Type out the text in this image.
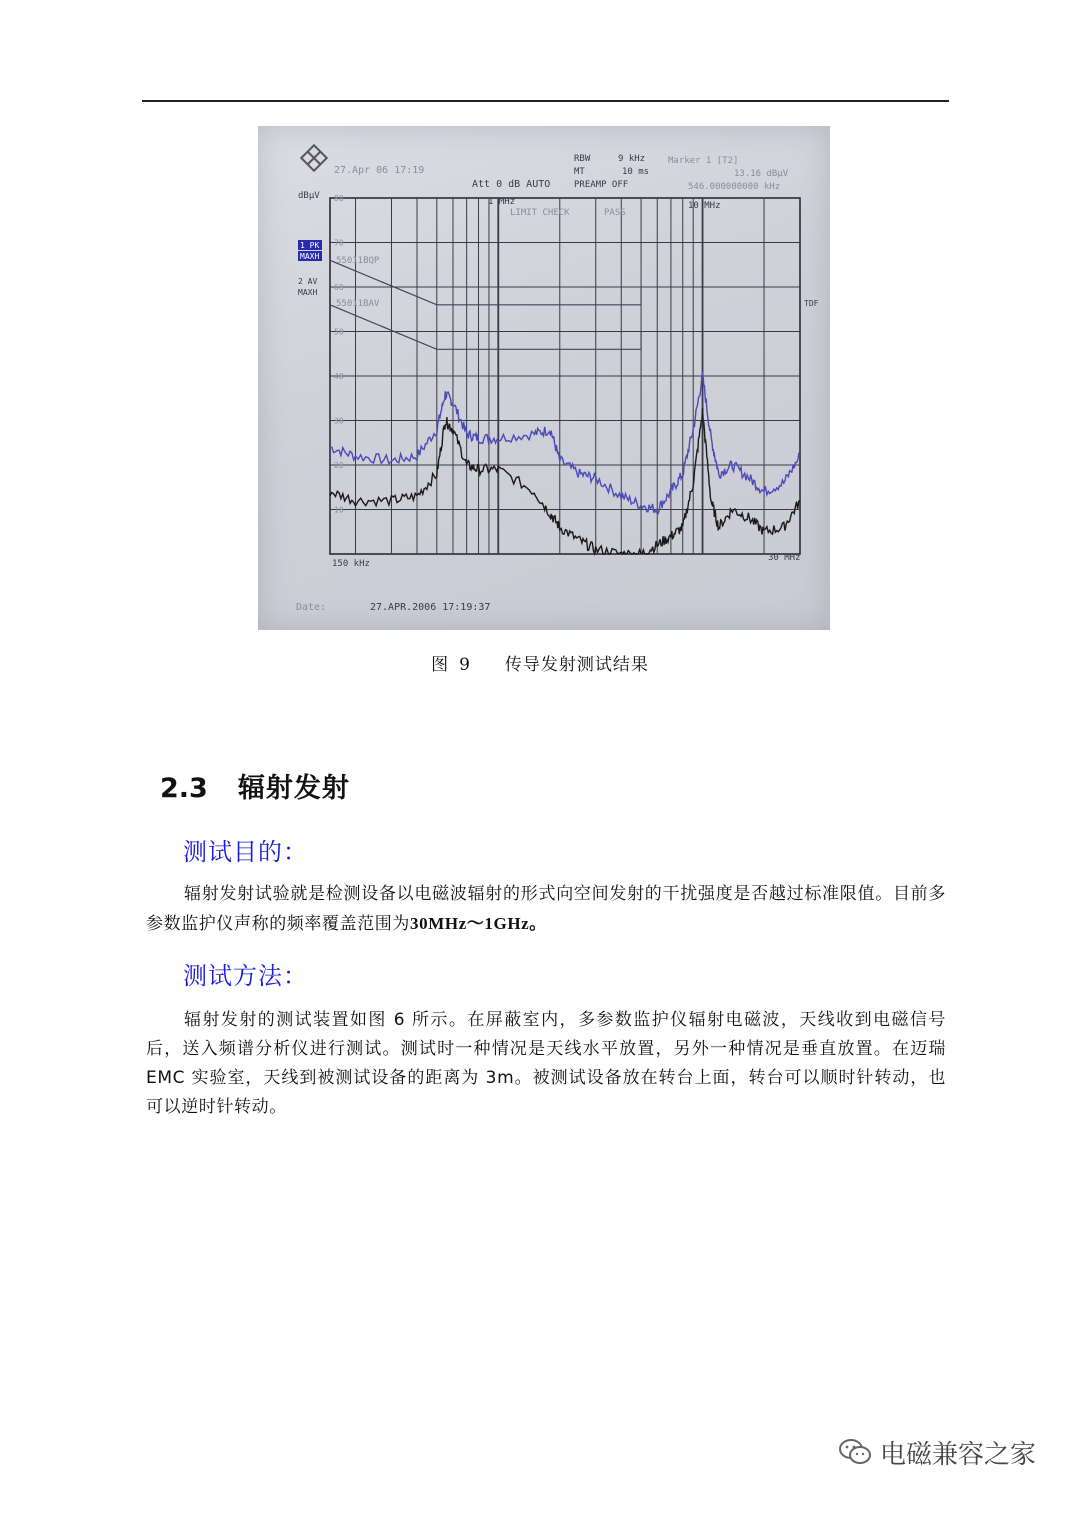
27.Apr 06 17:19
Att 0 dB AUTO
RBW	9 kHz
MT	10 ms
PREAMP OFF
Marker 1 [T2]
13.16 dBµV
546.000000000 kHz
dBµV
1 PK
MAXH
2 AV
MAXH
TDF
80
70
60
50
40
30
20
10
1 MHz	10 MHz
LIMIT CHECK	PASS
55011BQP
55011BAV
150 kHz
30 MHz
Date:	27.APR.2006 17:19:37
图 9 传导发射测试结果
2.3 辐射发射
测试目的：
辐射发射试验就是检测设备以电磁波辐射的形式向空间发射的干扰强度是否越过标准限值。目前多参数监护仪声称的频率覆盖范围为30MHz～1GHz。
测试方法：
辐射发射的测试装置如图 6 所示。在屏蔽室内，多参数监护仪辐射电磁波，天线收到电磁信号后，送入频谱分析仪进行测试。测试时一种情况是天线水平放置，另外一种情况是垂直放置。在迈瑞 EMC 实验室，天线到被测试设备的距离为 3m。被测试设备放在转台上面，转台可以顺时针转动，也可以逆时针转动。
电磁兼容之家
